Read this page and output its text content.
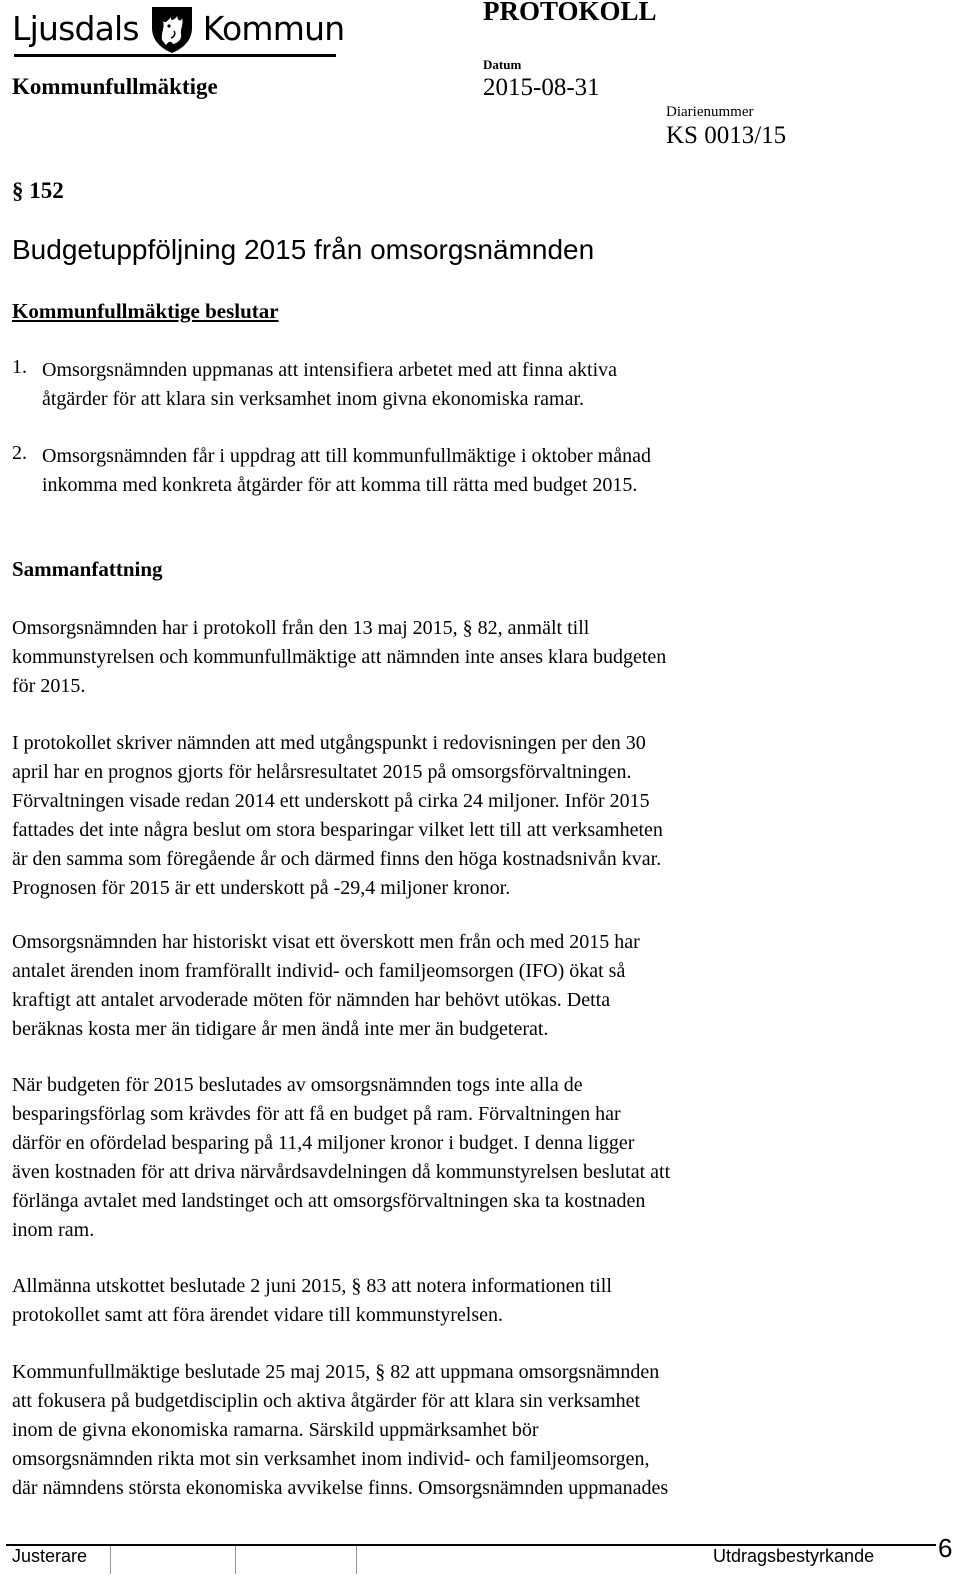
Ljusdals Kommun	PROTOKOLL
Datum
2015-08-31
Kommunfullmäktige
Diarienummer
KS 0013/15
§ 152
Budgetuppföljning 2015 från omsorgsnämnden
Kommunfullmäktige beslutar
1. Omsorgsnämnden uppmanas att intensifiera arbetet med att finna aktiva
åtgärder för att klara sin verksamhet inom givna ekonomiska ramar.
2. Omsorgsnämnden får i uppdrag att till kommunfullmäktige i oktober månad
inkomma med konkreta åtgärder för att komma till rätta med budget 2015.
Sammanfattning
Omsorgsnämnden har i protokoll från den 13 maj 2015, § 82, anmält till
kommunstyrelsen och kommunfullmäktige att nämnden inte anses klara budgeten
för 2015.
I protokollet skriver nämnden att med utgångspunkt i redovisningen per den 30
april har en prognos gjorts för helårsresultatet 2015 på omsorgsförvaltningen.
Förvaltningen visade redan 2014 ett underskott på cirka 24 miljoner. Inför 2015
fattades det inte några beslut om stora besparingar vilket lett till att verksamheten
är den samma som föregående år och därmed finns den höga kostnadsnivån kvar.
Prognosen för 2015 är ett underskott på -29,4 miljoner kronor.
Omsorgsnämnden har historiskt visat ett överskott men från och med 2015 har
antalet ärenden inom framförallt individ- och familjeomsorgen (IFO) ökat så
kraftigt att antalet arvoderade möten för nämnden har behövt utökas. Detta
beräknas kosta mer än tidigare år men ändå inte mer än budgeterat.
När budgeten för 2015 beslutades av omsorgsnämnden togs inte alla de
besparingsförlag som krävdes för att få en budget på ram. Förvaltningen har
därför en ofördelad besparing på 11,4 miljoner kronor i budget. I denna ligger
även kostnaden för att driva närvårdsavdelningen då kommunstyrelsen beslutat att
förlänga avtalet med landstinget och att omsorgsförvaltningen ska ta kostnaden
inom ram.
Allmänna utskottet beslutade 2 juni 2015, § 83 att notera informationen till
protokollet samt att föra ärendet vidare till kommunstyrelsen.
Kommunfullmäktige beslutade 25 maj 2015, § 82 att uppmana omsorgsnämnden
att fokusera på budgetdisciplin och aktiva åtgärder för att klara sin verksamhet
inom de givna ekonomiska ramarna. Särskild uppmärksamhet bör
omsorgsnämnden rikta mot sin verksamhet inom individ- och familjeomsorgen,
där nämndens största ekonomiska avvikelse finns. Omsorgsnämnden uppmanades
Justerare	Utdragsbestyrkande 6
